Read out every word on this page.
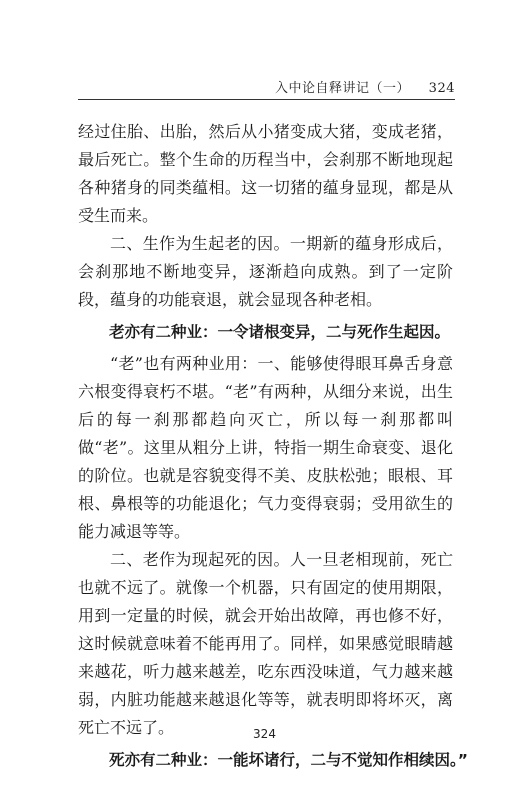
入中论自释讲记（一） 324

经过住胎、出胎，然后从小猪变成大猪，变成老猪，最后死亡。整个生命的历程当中，会刹那不断地现起各种猪身的同类蕴相。这一切猪的蕴身显现，都是从受生而来。

二、生作为生起老的因。一期新的蕴身形成后，会刹那地不断地变异，逐渐趋向成熟。到了一定阶段，蕴身的功能衰退，就会显现各种老相。

老亦有二种业：一令诸根变异，二与死作生起因。

“老”也有两种业用：一、能够使得眼耳鼻舌身意六根变得衰朽不堪。“老”有两种，从细分来说，出生后的每一刹那都趋向灭亡，所以每一刹那都叫做“老”。这里从粗分上讲，特指一期生命衰变、退化的阶位。也就是容貌变得不美、皮肤松弛；眼根、耳根、鼻根等的功能退化；气力变得衰弱；受用欲生的能力减退等等。

二、老作为现起死的因。人一旦老相现前，死亡也就不远了。就像一个机器，只有固定的使用期限，用到一定量的时候，就会开始出故障，再也修不好，这时候就意味着不能再用了。同样，如果感觉眼睛越来越花，听力越来越差，吃东西没味道，气力越来越弱，内脏功能越来越退化等等，就表明即将坏灭，离死亡不远了。

死亦有二种业：一能坏诸行，二与不觉知作相续因。”

324
